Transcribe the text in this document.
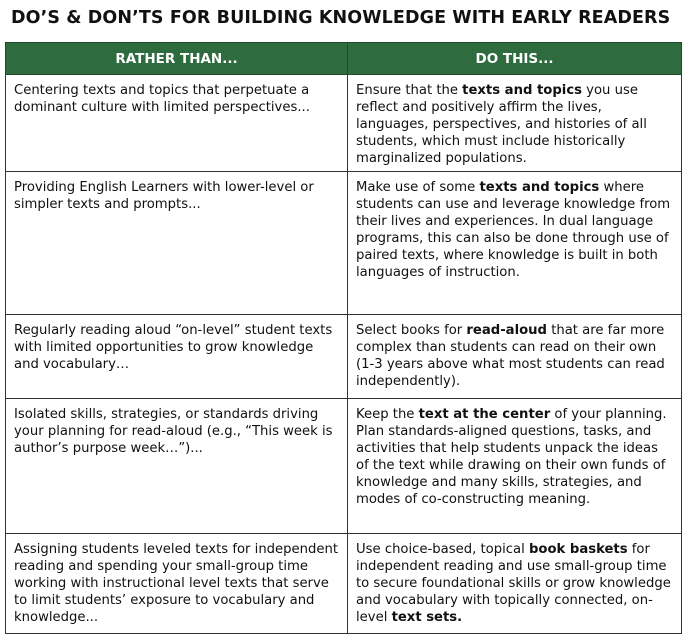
DO’S & DON’TS FOR BUILDING KNOWLEDGE WITH EARLY READERS
RATHER THAN...	DO THIS...
Centering texts and topics that perpetuate a dominant culture with limited perspectives...	Ensure that the texts and topics you use reflect and positively affirm the lives, languages, perspectives, and histories of all students, which must include historically marginalized populations.
Providing English Learners with lower-level or simpler texts and prompts...	Make use of some texts and topics where students can use and leverage knowledge from their lives and experiences. In dual language programs, this can also be done through use of paired texts, where knowledge is built in both languages of instruction.
Regularly reading aloud “on-level” student texts with limited opportunities to grow knowledge and vocabulary…	Select books for read-aloud that are far more complex than students can read on their own (1-3 years above what most students can read independently).
Isolated skills, strategies, or standards driving your planning for read-aloud (e.g., “This week is author’s purpose week…”)...	Keep the text at the center of your planning. Plan standards-aligned questions, tasks, and activities that help students unpack the ideas of the text while drawing on their own funds of knowledge and many skills, strategies, and modes of co-constructing meaning.
Assigning students leveled texts for independent reading and spending your small-group time working with instructional level texts that serve to limit students’ exposure to vocabulary and knowledge...	Use choice-based, topical book baskets for independent reading and use small-group time to secure foundational skills or grow knowledge and vocabulary with topically connected, on-level text sets.
